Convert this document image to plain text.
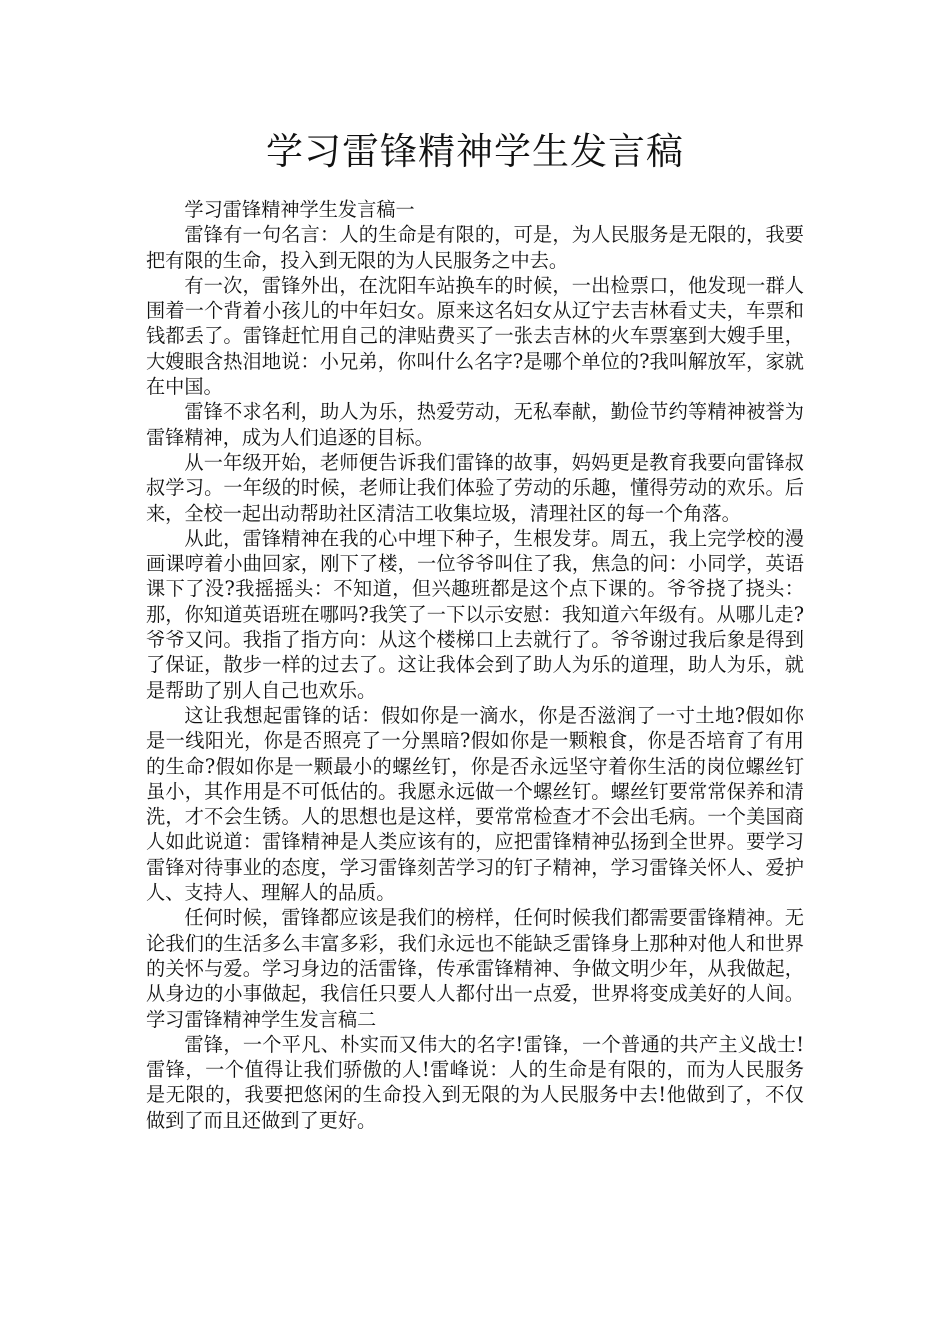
学习雷锋精神学生发言稿

学习雷锋精神学生发言稿一

雷锋有一句名言：人的生命是有限的，可是，为人民服务是无限的，我要把有限的生命，投入到无限的为人民服务之中去。

有一次，雷锋外出，在沈阳车站换车的时候，一出检票口，他发现一群人围着一个背着小孩儿的中年妇女。原来这名妇女从辽宁去吉林看丈夫，车票和钱都丢了。雷锋赶忙用自己的津贴费买了一张去吉林的火车票塞到大嫂手里，大嫂眼含热泪地说：小兄弟，你叫什么名字?是哪个单位的?我叫解放军，家就在中国。

雷锋不求名利，助人为乐，热爱劳动，无私奉献，勤俭节约等精神被誉为雷锋精神，成为人们追逐的目标。

从一年级开始，老师便告诉我们雷锋的故事，妈妈更是教育我要向雷锋叔叔学习。一年级的时候，老师让我们体验了劳动的乐趣，懂得劳动的欢乐。后来，全校一起出动帮助社区清洁工收集垃圾，清理社区的每一个角落。

从此，雷锋精神在我的心中埋下种子，生根发芽。周五，我上完学校的漫画课哼着小曲回家，刚下了楼，一位爷爷叫住了我，焦急的问：小同学，英语课下了没?我摇摇头：不知道，但兴趣班都是这个点下课的。爷爷挠了挠头：那，你知道英语班在哪吗?我笑了一下以示安慰：我知道六年级有。从哪儿走?爷爷又问。我指了指方向：从这个楼梯口上去就行了。爷爷谢过我后象是得到了保证，散步一样的过去了。这让我体会到了助人为乐的道理，助人为乐，就是帮助了别人自己也欢乐。

这让我想起雷锋的话：假如你是一滴水，你是否滋润了一寸土地?假如你是一线阳光，你是否照亮了一分黑暗?假如你是一颗粮食，你是否培育了有用的生命?假如你是一颗最小的螺丝钉，你是否永远坚守着你生活的岗位螺丝钉虽小，其作用是不可低估的。我愿永远做一个螺丝钉。螺丝钉要常常保养和清洗，才不会生锈。人的思想也是这样，要常常检查才不会出毛病。一个美国商人如此说道：雷锋精神是人类应该有的，应把雷锋精神弘扬到全世界。要学习雷锋对待事业的态度，学习雷锋刻苦学习的钉子精神，学习雷锋关怀人、爱护人、支持人、理解人的品质。

任何时候，雷锋都应该是我们的榜样，任何时候我们都需要雷锋精神。无论我们的生活多么丰富多彩，我们永远也不能缺乏雷锋身上那种对他人和世界的关怀与爱。学习身边的活雷锋，传承雷锋精神、争做文明少年，从我做起，从身边的小事做起，我信任只要人人都付出一点爱，世界将变成美好的人间。学习雷锋精神学生发言稿二

雷锋，一个平凡、朴实而又伟大的名字!雷锋，一个普通的共产主义战士!雷锋，一个值得让我们骄傲的人!雷峰说：人的生命是有限的，而为人民服务是无限的，我要把悠闲的生命投入到无限的为人民服务中去!他做到了，不仅做到了而且还做到了更好。
